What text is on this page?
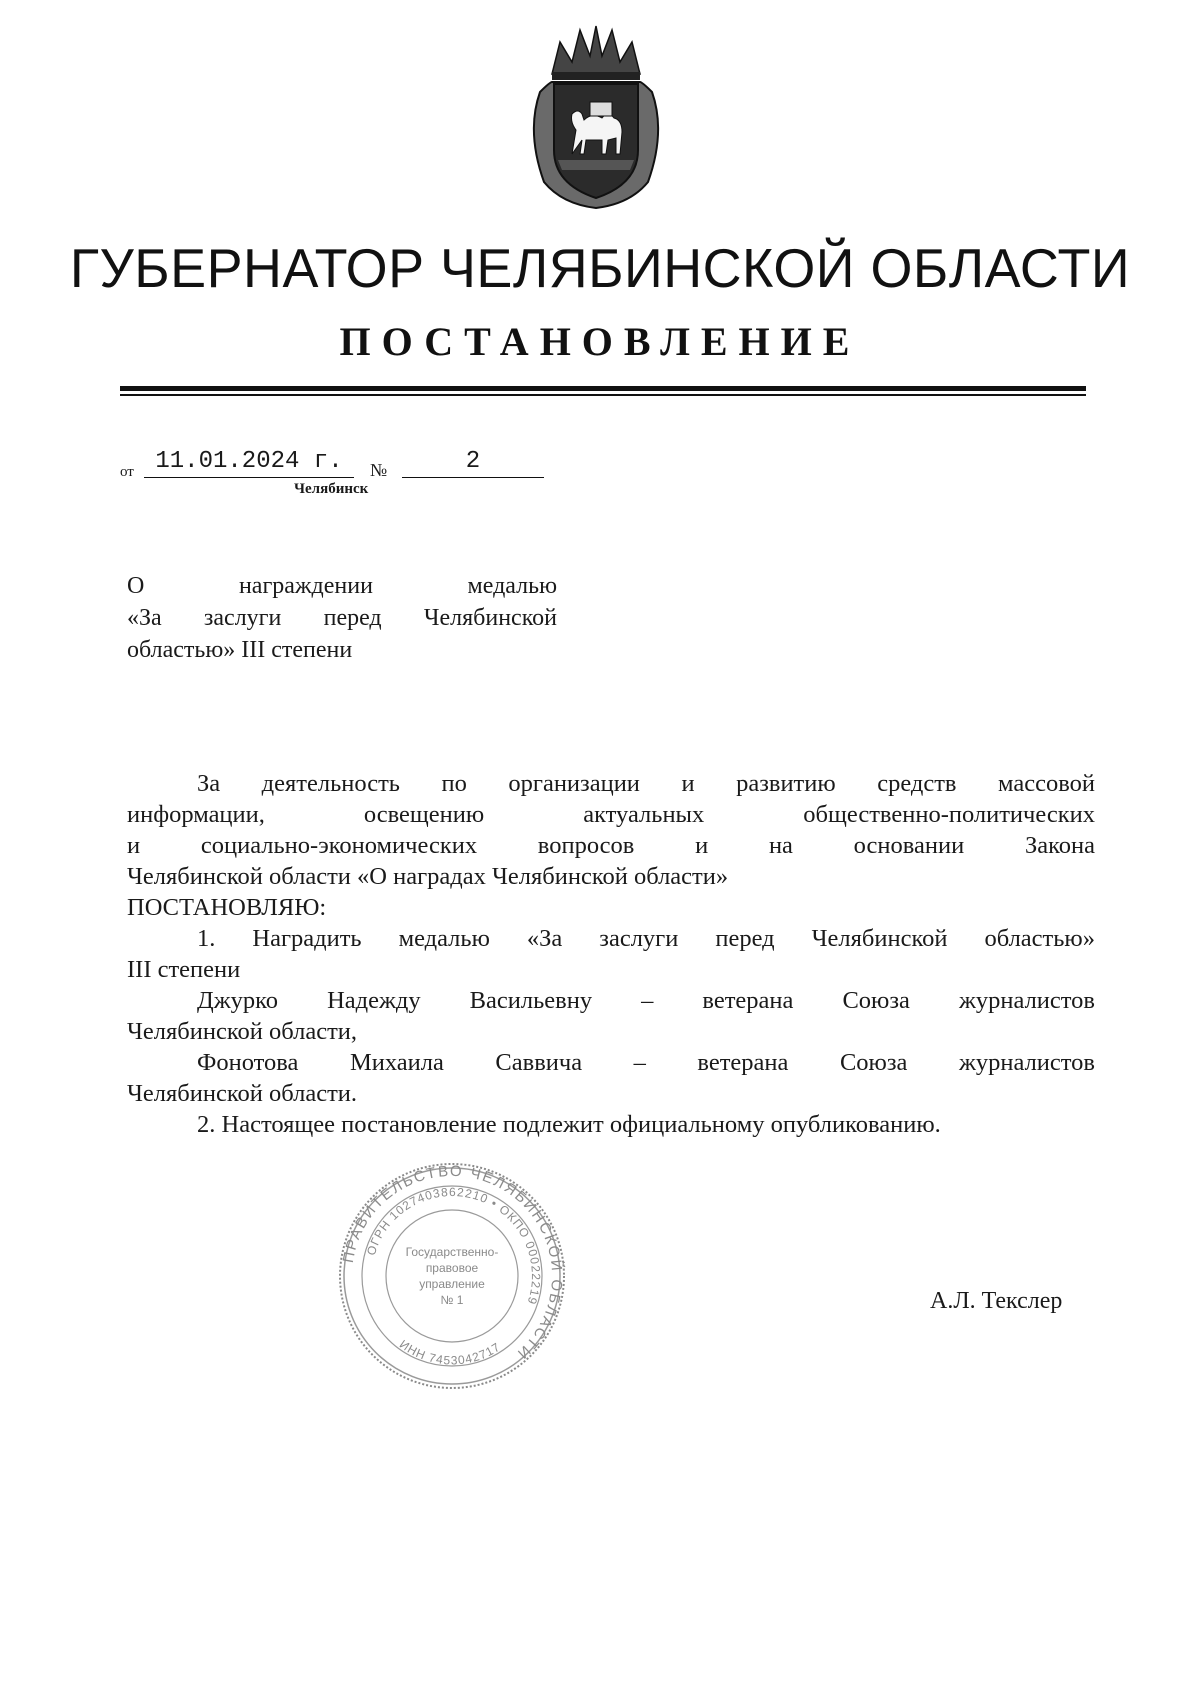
ГУБЕРНАТОР ЧЕЛЯБИНСКОЙ ОБЛАСТИ
ПОСТАНОВЛЕНИЕ
от 11.01.2024 г.	№	2
Челябинск
О награждении медалью
«За заслуги перед Челябинской
областью» III степени
За деятельность по организации и развитию средств массовой
информации, освещению актуальных общественно-политических
и социально-экономических вопросов и на основании Закона
Челябинской области «О наградах Челябинской области»
ПОСТАНОВЛЯЮ:
1. Наградить медалью «За заслуги перед Челябинской областью»
III степени
Джурко Надежду Васильевну – ветерана Союза журналистов
Челябинской области,
Фонотова Михаила Саввича – ветерана Союза журналистов
Челябинской области.
2. Настоящее постановление подлежит официальному опубликованию.
ПРАВИТЕЛЬСТВО ЧЕЛЯБИНСКОЙ ОБЛАСТИ
ОГРН 1027403862210 • ОКПО 00022219
ИНН 7453042717
Государственно-
правовое
управление
№ 1	А.Л. Текслер
